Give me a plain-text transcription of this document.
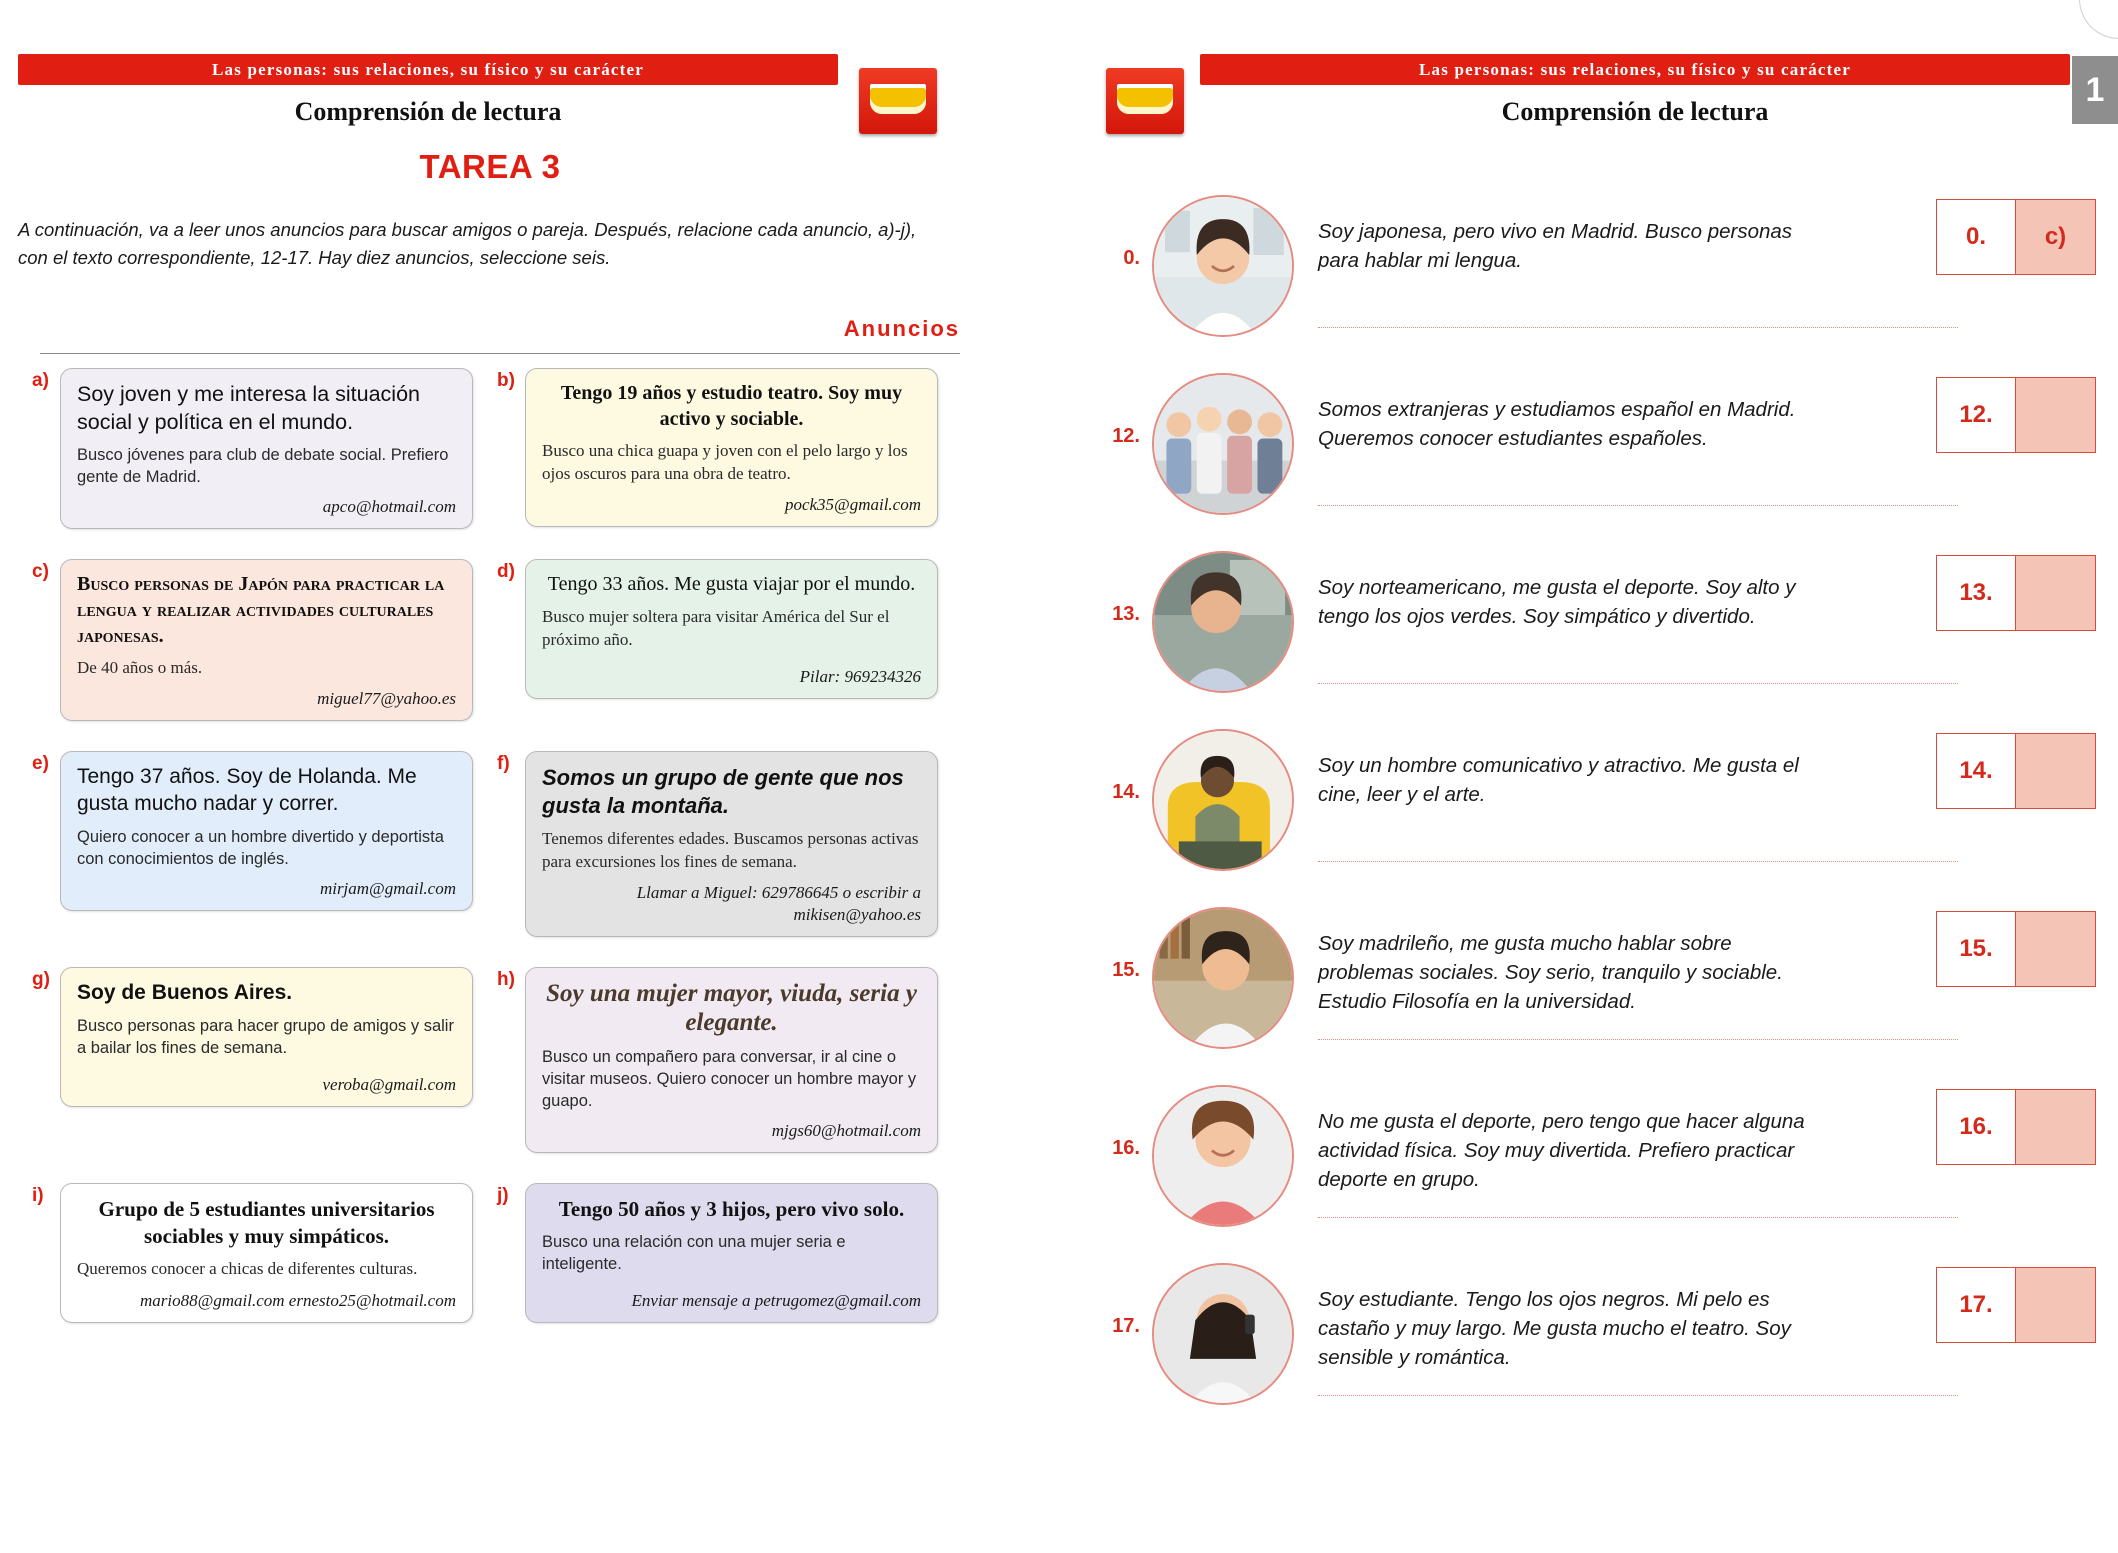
Las personas: sus relaciones, su físico y su carácter
Comprensión de lectura
TAREA 3
A continuación, va a leer unos anuncios para buscar amigos o pareja. Después, relacione cada anuncio, a)-j), con el texto correspondiente, 12-17. Hay diez anuncios, seleccione seis.
Anuncios
a)
Soy joven y me interesa la situación social y política en el mundo.
Busco jóvenes para club de debate social. Prefiero gente de Madrid.
apco@hotmail.com
b)
Tengo 19 años y estudio teatro. Soy muy activo y sociable.
Busco una chica guapa y joven con el pelo largo y los ojos oscuros para una obra de teatro.
pock35@gmail.com
c)
Busco personas de Japón para practicar la lengua y realizar actividades culturales japonesas.
De 40 años o más.
miguel77@yahoo.es
d)
Tengo 33 años. Me gusta viajar por el mundo.
Busco mujer soltera para visitar América del Sur el próximo año.
Pilar: 969234326
e)
Tengo 37 años. Soy de Holanda. Me gusta mucho nadar y correr.
Quiero conocer a un hombre divertido y deportista con conocimientos de inglés.
mirjam@gmail.com
f)
Somos un grupo de gente que nos gusta la montaña.
Tenemos diferentes edades. Buscamos personas activas para excursiones los fines de semana.
Llamar a Miguel: 629786645 o escribir a mikisen@yahoo.es
g)
Soy de Buenos Aires.
Busco personas para hacer grupo de amigos y salir a bailar los fines de semana.
veroba@gmail.com
h)
Soy una mujer mayor, viuda, seria y elegante.
Busco un compañero para conversar, ir al cine o visitar museos. Quiero conocer un hombre mayor y guapo.
mjgs60@hotmail.com
i)
Grupo de 5 estudiantes universitarios sociables y muy simpáticos.
Queremos conocer a chicas de diferentes culturas.
mario88@gmail.com ernesto25@hotmail.com
j)
Tengo 50 años y 3 hijos, pero vivo solo.
Busco una relación con una mujer seria e inteligente.
Enviar mensaje a petrugomez@gmail.com
Las personas: sus relaciones, su físico y su carácter
Comprensión de lectura
1
0.
Soy japonesa, pero vivo en Madrid. Busco personas para hablar mi lengua.
0.	c)
12.
Somos extranjeras y estudiamos español en Madrid. Queremos conocer estudiantes españoles.
12.
13.
Soy norteamericano, me gusta el deporte. Soy alto y tengo los ojos verdes. Soy simpático y divertido.
13.
14.
Soy un hombre comunicativo y atractivo. Me gusta el cine, leer y el arte.
14.
15.
Soy madrileño, me gusta mucho hablar sobre problemas sociales. Soy serio, tranquilo y sociable. Estudio Filosofía en la universidad.
15.
16.
No me gusta el deporte, pero tengo que hacer alguna actividad física. Soy muy divertida. Prefiero practicar deporte en grupo.
16.
17.
Soy estudiante. Tengo los ojos negros. Mi pelo es castaño y muy largo. Me gusta mucho el teatro. Soy sensible y romántica.
17.
